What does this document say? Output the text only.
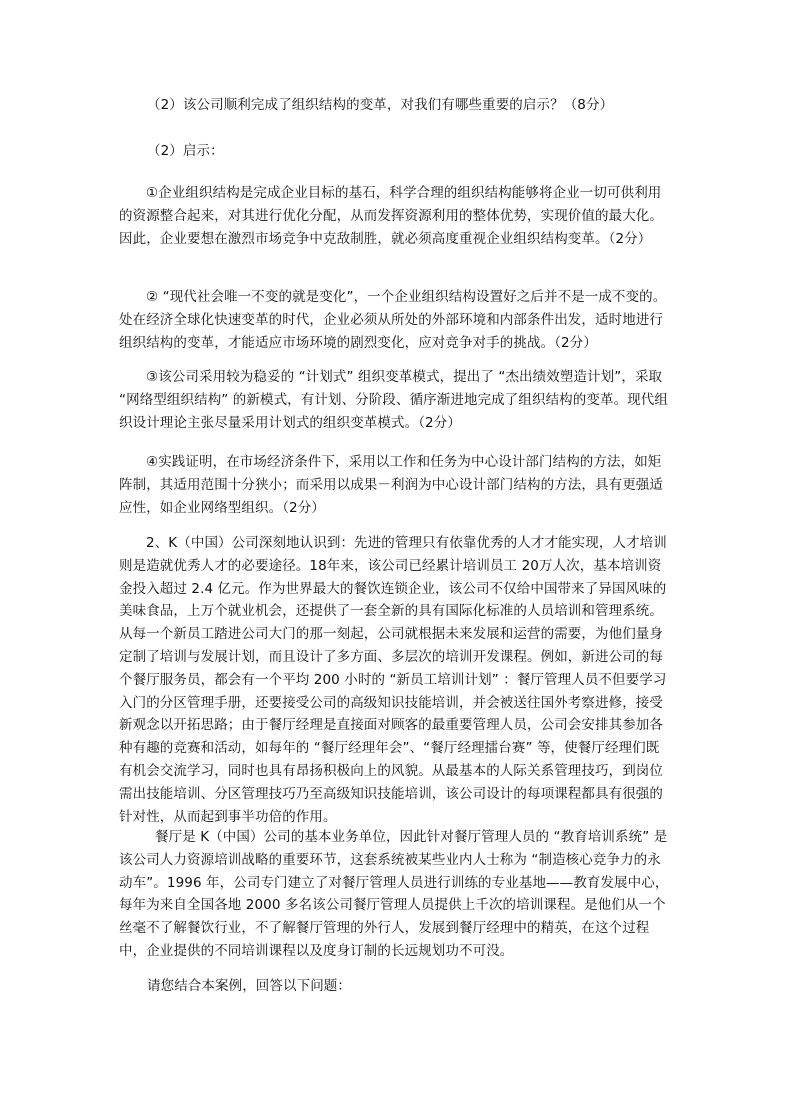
（2）该公司顺利完成了组织结构的变革，对我们有哪些重要的启示？（8分）

（2）启示：

①企业组织结构是完成企业目标的基石，科学合理的组织结构能够将企业一切可供利用的资源整合起来，对其进行优化分配，从而发挥资源利用的整体优势，实现价值的最大化。因此，企业要想在激烈市场竞争中克敌制胜，就必须高度重视企业组织结构变革。（2分）

② “现代社会唯一不变的就是变化”，一个企业组织结构设置好之后并不是一成不变的。处在经济全球化快速变革的时代，企业必须从所处的外部环境和内部条件出发，适时地进行组织结构的变革，才能适应市场环境的剧烈变化，应对竞争对手的挑战。（2分）

③该公司采用较为稳妥的 “计划式” 组织变革模式，提出了 “杰出绩效塑造计划”，采取 “网络型组织结构” 的新模式，有计划、分阶段、循序渐进地完成了组织结构的变革。现代组织设计理论主张尽量采用计划式的组织变革模式。（2分）

④实践证明，在市场经济条件下，采用以工作和任务为中心设计部门结构的方法，如矩阵制，其适用范围十分狭小；而采用以成果－利润为中心设计部门结构的方法，具有更强适应性，如企业网络型组织。（2分）

2、K（中国）公司深刻地认识到：先进的管理只有依靠优秀的人才才能实现，人才培训则是造就优秀人才的必要途径。18年来，该公司已经累计培训员工 20万人次，基本培训资金投入超过 2.4 亿元。作为世界最大的餐饮连锁企业，该公司不仅给中国带来了异国风味的美味食品，上万个就业机会，还提供了一套全新的具有国际化标准的人员培训和管理系统。从每一个新员工踏进公司大门的那一刻起，公司就根据未来发展和运营的需要，为他们量身定制了培训与发展计划，而且设计了多方面、多层次的培训开发课程。例如，新进公司的每个餐厅服务员，都会有一个平均 200 小时的 “新员工培训计划” ：餐厅管理人员不但要学习入门的分区管理手册，还要接受公司的高级知识技能培训，并会被送往国外考察进修，接受新观念以开拓思路；由于餐厅经理是直接面对顾客的最重要管理人员，公司会安排其参加各种有趣的竞赛和活动，如每年的 “餐厅经理年会”、“餐厅经理擂台赛” 等，使餐厅经理们既有机会交流学习，同时也具有昂扬积极向上的风貌。从最基本的人际关系管理技巧，到岗位需出技能培训、分区管理技巧乃至高级知识技能培训，该公司设计的每项课程都具有很强的针对性，从而起到事半功倍的作用。

餐厅是 K（中国）公司的基本业务单位，因此针对餐厅管理人员的 “教育培训系统” 是该公司人力资源培训战略的重要环节，这套系统被某些业内人士称为 “制造核心竞争力的永动车”。1996 年，公司专门建立了对餐厅管理人员进行训练的专业基地——教育发展中心，每年为来自全国各地 2000 多名该公司餐厅管理人员提供上千次的培训课程。是他们从一个丝毫不了解餐饮行业，不了解餐厅管理的外行人，发展到餐厅经理中的精英，在这个过程中，企业提供的不同培训课程以及度身订制的长远规划功不可没。

请您结合本案例，回答以下问题：
